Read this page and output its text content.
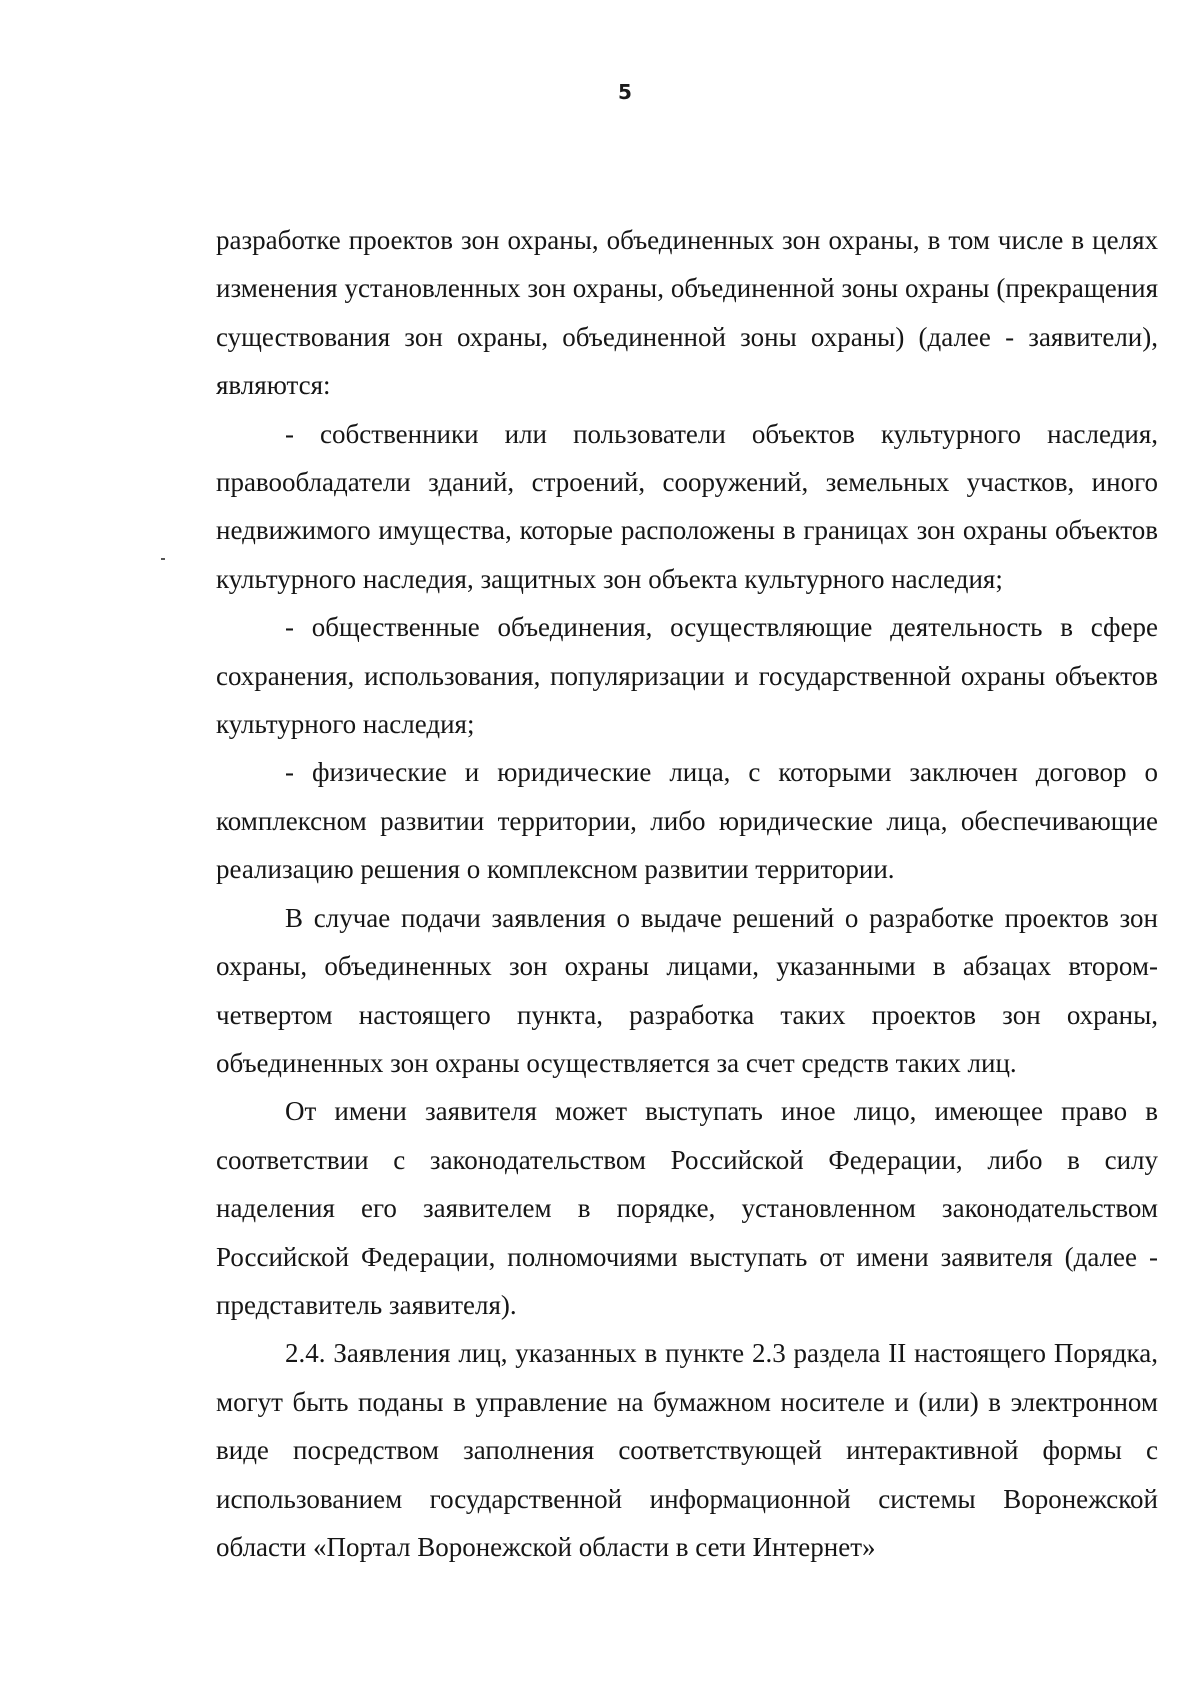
5

разработке проектов зон охраны, объединенных зон охраны, в том числе в целях изменения установленных зон охраны, объединенной зоны охраны (прекращения существования зон охраны, объединенной зоны охраны) (далее - заявители), являются:

- собственники или пользователи объектов культурного наследия, правообладатели зданий, строений, сооружений, земельных участков, иного недвижимого имущества, которые расположены в границах зон охраны объектов культурного наследия, защитных зон объекта культурного наследия;

- общественные объединения, осуществляющие деятельность в сфере сохранения, использования, популяризации и государственной охраны объектов культурного наследия;

- физические и юридические лица, с которыми заключен договор о комплексном развитии территории, либо юридические лица, обеспечивающие реализацию решения о комплексном развитии территории.

В случае подачи заявления о выдаче решений о разработке проектов зон охраны, объединенных зон охраны лицами, указанными в абзацах втором-четвертом настоящего пункта, разработка таких проектов зон охраны, объединенных зон охраны осуществляется за счет средств таких лиц.

От имени заявителя может выступать иное лицо, имеющее право в соответствии с законодательством Российской Федерации, либо в силу наделения его заявителем в порядке, установленном законодательством Российской Федерации, полномочиями выступать от имени заявителя (далее - представитель заявителя).

2.4. Заявления лиц, указанных в пункте 2.3 раздела II настоящего Порядка, могут быть поданы в управление на бумажном носителе и (или) в электронном виде посредством заполнения соответствующей интерактивной формы с использованием государственной информационной системы Воронежской области «Портал Воронежской области в сети Интернет»
